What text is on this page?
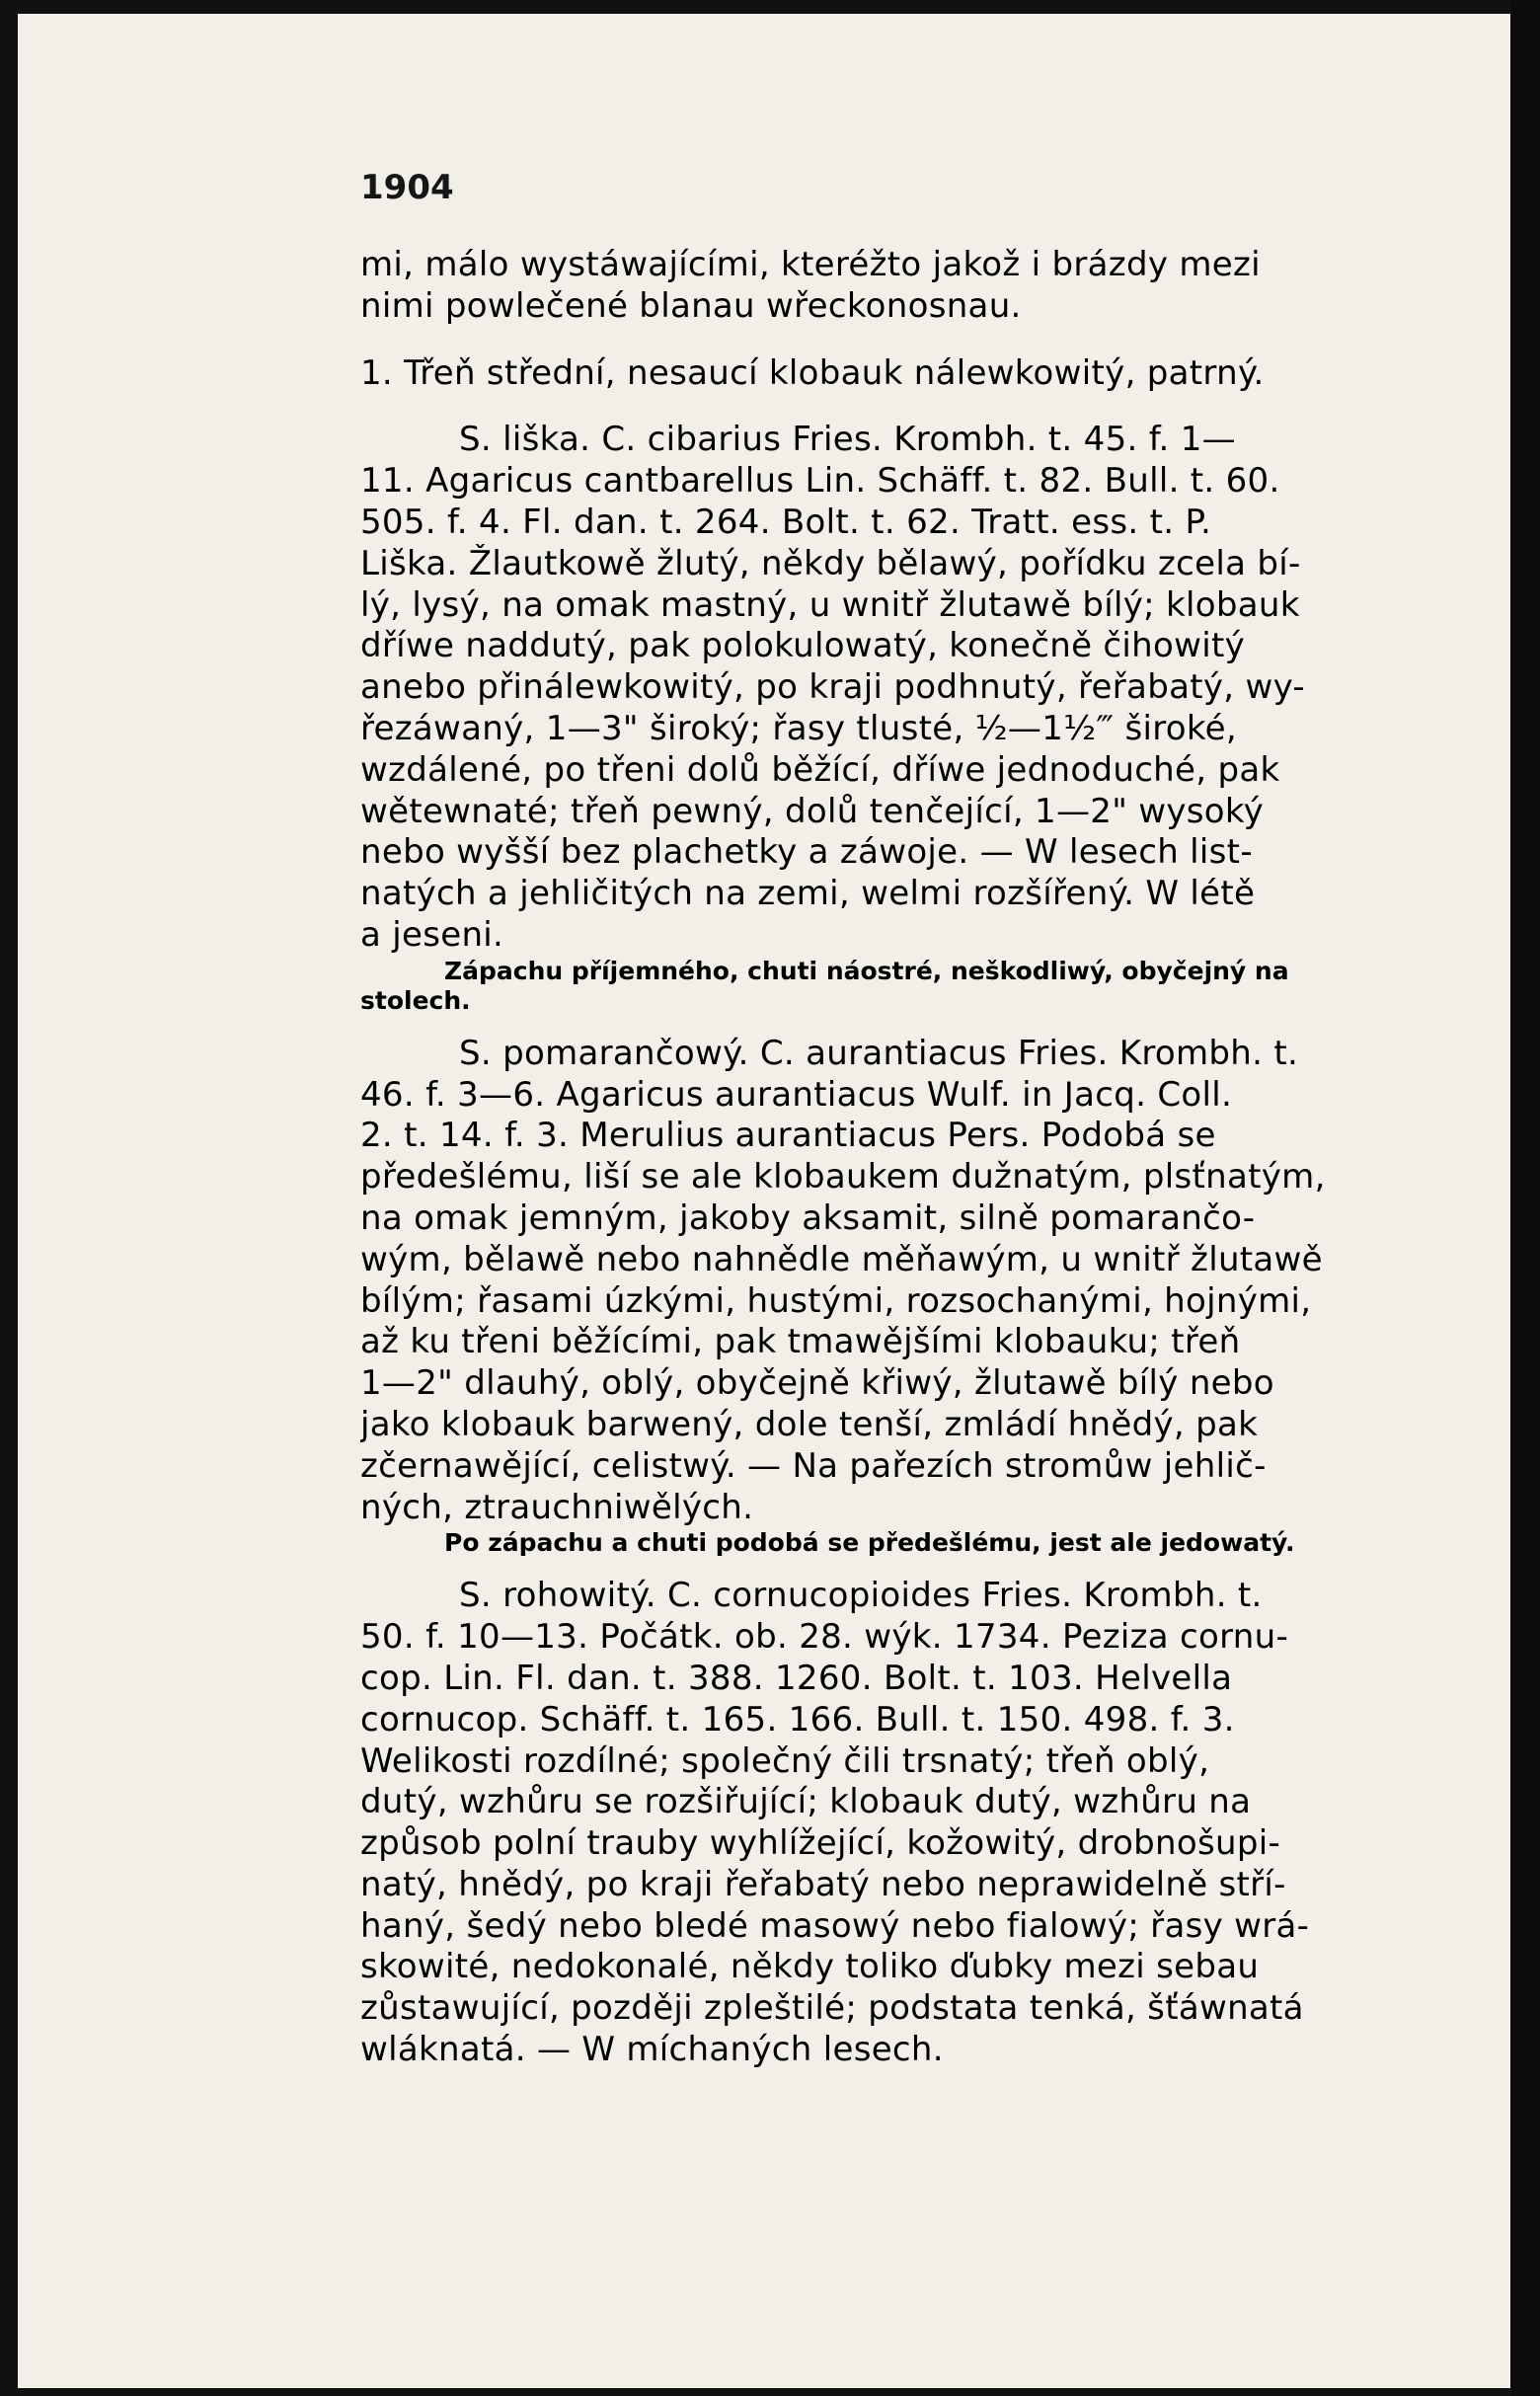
1904
mi, málo wystáwajícími, kteréžto jakož i brázdy mezi
nimi powlečené blanau wřeckonosnau.
1. Třeň střední, nesaucí klobauk nálewkowitý, patrný.
S. liška. C. cibarius Fries. Krombh. t. 45. f. 1—
11. Agaricus cantbarellus Lin. Schäff. t. 82. Bull. t. 60.
505. f. 4. Fl. dan. t. 264. Bolt. t. 62. Tratt. ess. t. P.
Liška. Žlautkowě žlutý, někdy bělawý, pořídku zcela bí-
lý, lysý, na omak mastný, u wnitř žlutawě bílý; klobauk
dříwe naddutý, pak polokulowatý, konečně čihowitý
anebo přinálewkowitý, po kraji podhnutý, řeřabatý, wy-
řezáwaný, 1—3" široký; řasy tlusté, ½—1½‴ široké,
wzdálené, po třeni dolů běžící, dříwe jednoduché, pak
wětewnaté; třeň pewný, dolů tenčející, 1—2" wysoký
nebo wyšší bez plachetky a záwoje. — W lesech list-
natých a jehličitých na zemi, welmi rozšířený. W létě
a jeseni.
Zápachu příjemného, chuti náostré, neškodliwý, obyčejný na
stolech.
S. pomarančowý. C. aurantiacus Fries. Krombh. t.
46. f. 3—6. Agaricus aurantiacus Wulf. in Jacq. Coll.
2. t. 14. f. 3. Merulius aurantiacus Pers. Podobá se
předešlému, liší se ale klobaukem dužnatým, plsťnatým,
na omak jemným, jakoby aksamit, silně pomarančo-
wým, bělawě nebo nahnědle měňawým, u wnitř žlutawě
bílým; řasami úzkými, hustými, rozsochanými, hojnými,
až ku třeni běžícími, pak tmawějšími klobauku; třeň
1—2" dlauhý, oblý, obyčejně křiwý, žlutawě bílý nebo
jako klobauk barwený, dole tenší, zmládí hnědý, pak
zčernawějící, celistwý. — Na pařezích stromůw jehlič-
ných, ztrauchniwělých.
Po zápachu a chuti podobá se předešlému, jest ale jedowatý.
S. rohowitý. C. cornucopioides Fries. Krombh. t.
50. f. 10—13. Počátk. ob. 28. wýk. 1734. Peziza cornu-
cop. Lin. Fl. dan. t. 388. 1260. Bolt. t. 103. Helvella
cornucop. Schäff. t. 165. 166. Bull. t. 150. 498. f. 3.
Welikosti rozdílné; společný čili trsnatý; třeň oblý,
dutý, wzhůru se rozšiřující; klobauk dutý, wzhůru na
způsob polní trauby wyhlížející, kožowitý, drobnošupi-
natý, hnědý, po kraji řeřabatý nebo neprawidelně stří-
haný, šedý nebo bledé masowý nebo fialowý; řasy wrá-
skowité, nedokonalé, někdy toliko ďubky mezi sebau
zůstawující, později zpleštilé; podstata tenká, šťáwnatá
wláknatá. — W míchaných lesech.
